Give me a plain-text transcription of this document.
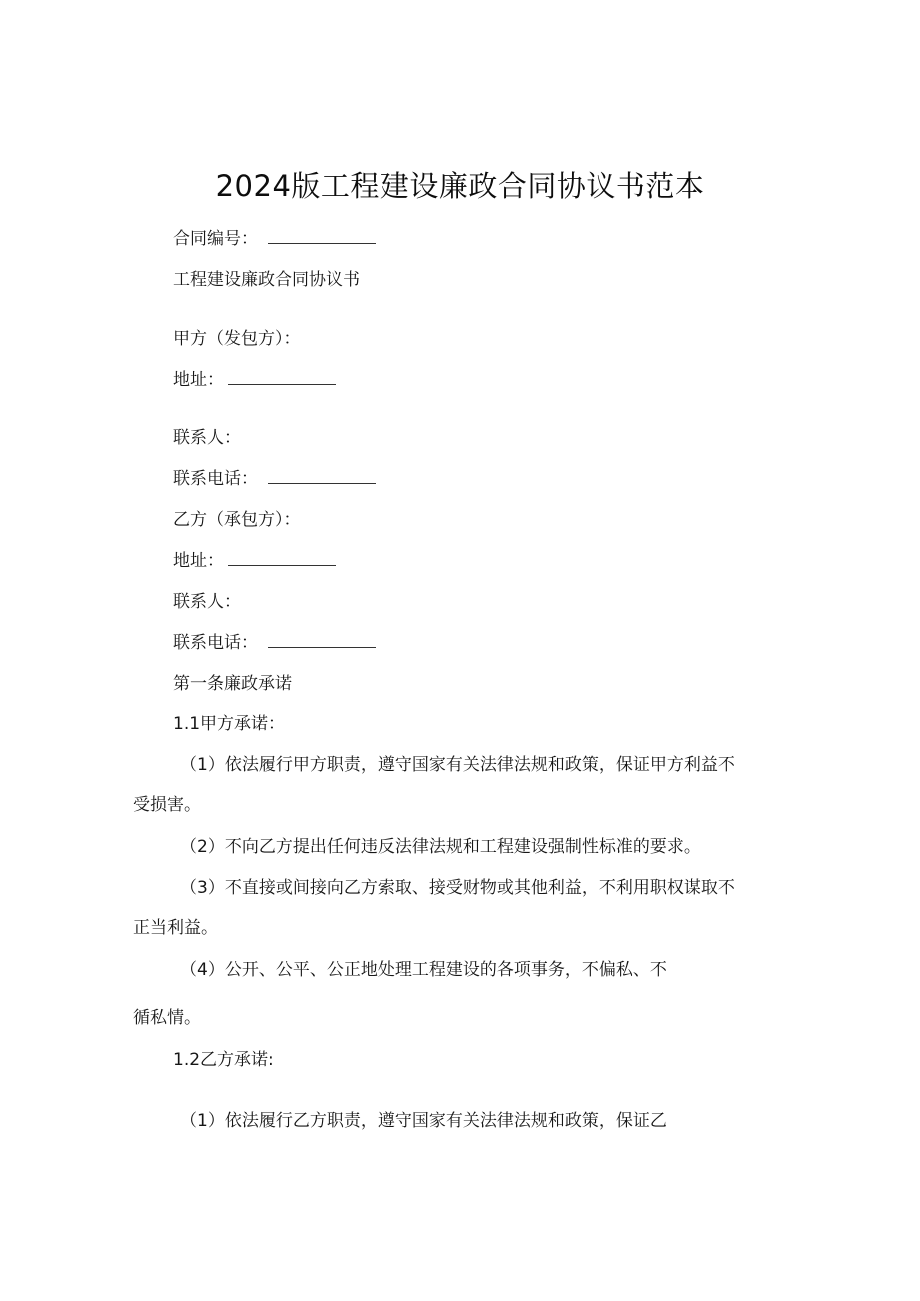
2024版工程建设廉政合同协议书范本
合同编号：
工程建设廉政合同协议书
甲方（发包方）：
地址：
联系人：
联系电话：
乙方（承包方）：
地址：
联系人：
联系电话：
第一条廉政承诺
1.1甲方承诺：
（1）依法履行甲方职责，遵守国家有关法律法规和政策，保证甲方利益不
受损害。
（2）不向乙方提出任何违反法律法规和工程建设强制性标准的要求。
（3）不直接或间接向乙方索取、接受财物或其他利益，不利用职权谋取不
正当利益。
（4）公开、公平、公正地处理工程建设的各项事务，不偏私、不
循私情。
1.2乙方承诺:
（1）依法履行乙方职责，遵守国家有关法律法规和政策，保证乙
